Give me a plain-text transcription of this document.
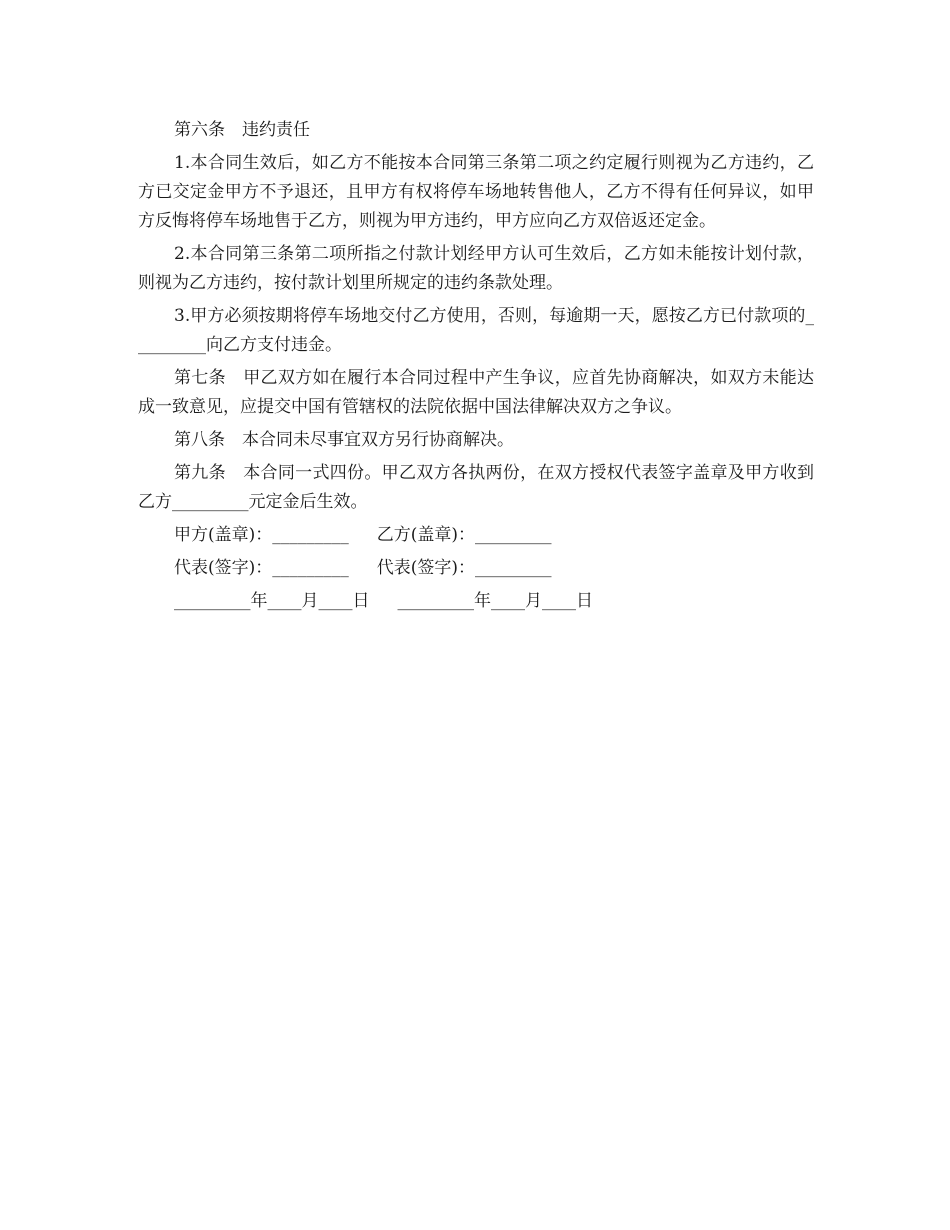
第六条　违约责任

1.本合同生效后，如乙方不能按本合同第三条第二项之约定履行则视为乙方违约，乙方已交定金甲方不予退还，且甲方有权将停车场地转售他人，乙方不得有任何异议，如甲方反悔将停车场地售于乙方，则视为甲方违约，甲方应向乙方双倍返还定金。

2.本合同第三条第二项所指之付款计划经甲方认可生效后，乙方如未能按计划付款，则视为乙方违约，按付款计划里所规定的违约条款处理。

3.甲方必须按期将停车场地交付乙方使用，否则，每逾期一天，愿按乙方已付款项的_________向乙方支付违金。

第七条　甲乙双方如在履行本合同过程中产生争议，应首先协商解决，如双方未能达成一致意见，应提交中国有管辖权的法院依据中国法律解决双方之争议。

第八条　本合同未尽事宜双方另行协商解决。

第九条　本合同一式四份。甲乙双方各执两份，在双方授权代表签字盖章及甲方收到乙方_________元定金后生效。

甲方(盖章)：_________ 乙方(盖章)：_________
代表(签字)：_________ 代表(签字)：_________
_________年____月____日 _________年____月____日
